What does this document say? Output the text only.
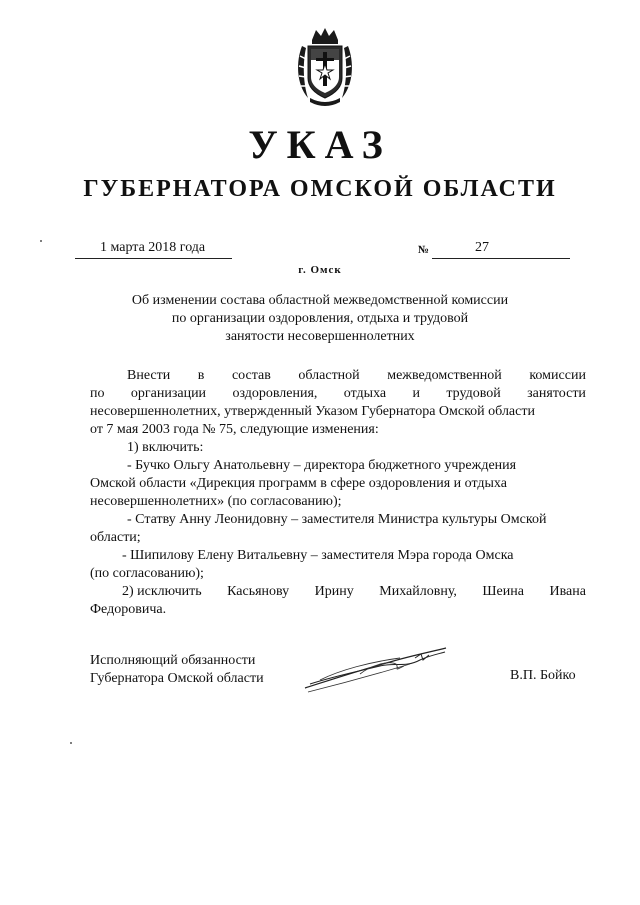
УКАЗ
ГУБЕРНАТОРА ОМСКОЙ ОБЛАСТИ
1 марта 2018 года	№	27
г. Омск
Об изменении состава областной межведомственной комиссии
по организации оздоровления, отдыха и трудовой
занятости несовершеннолетних
Внести в состав областной межведомственной комиссии
по организации оздоровления, отдыха и трудовой занятости
несовершеннолетних, утвержденный Указом Губернатора Омской области
от 7 мая 2003 года № 75, следующие изменения:
1) включить:
- Бучко Ольгу Анатольевну – директора бюджетного учреждения
Омской области «Дирекция программ в сфере оздоровления и отдыха
несовершеннолетних» (по согласованию);
- Статву Анну Леонидовну – заместителя Министра культуры Омской
области;
- Шипилову Елену Витальевну – заместителя Мэра города Омска
(по согласованию);
2) исключить Касьянову Ирину Михайловну, Шеина Ивана
Федоровича.
Исполняющий обязанности
Губернатора Омской области	В.П. Бойко
